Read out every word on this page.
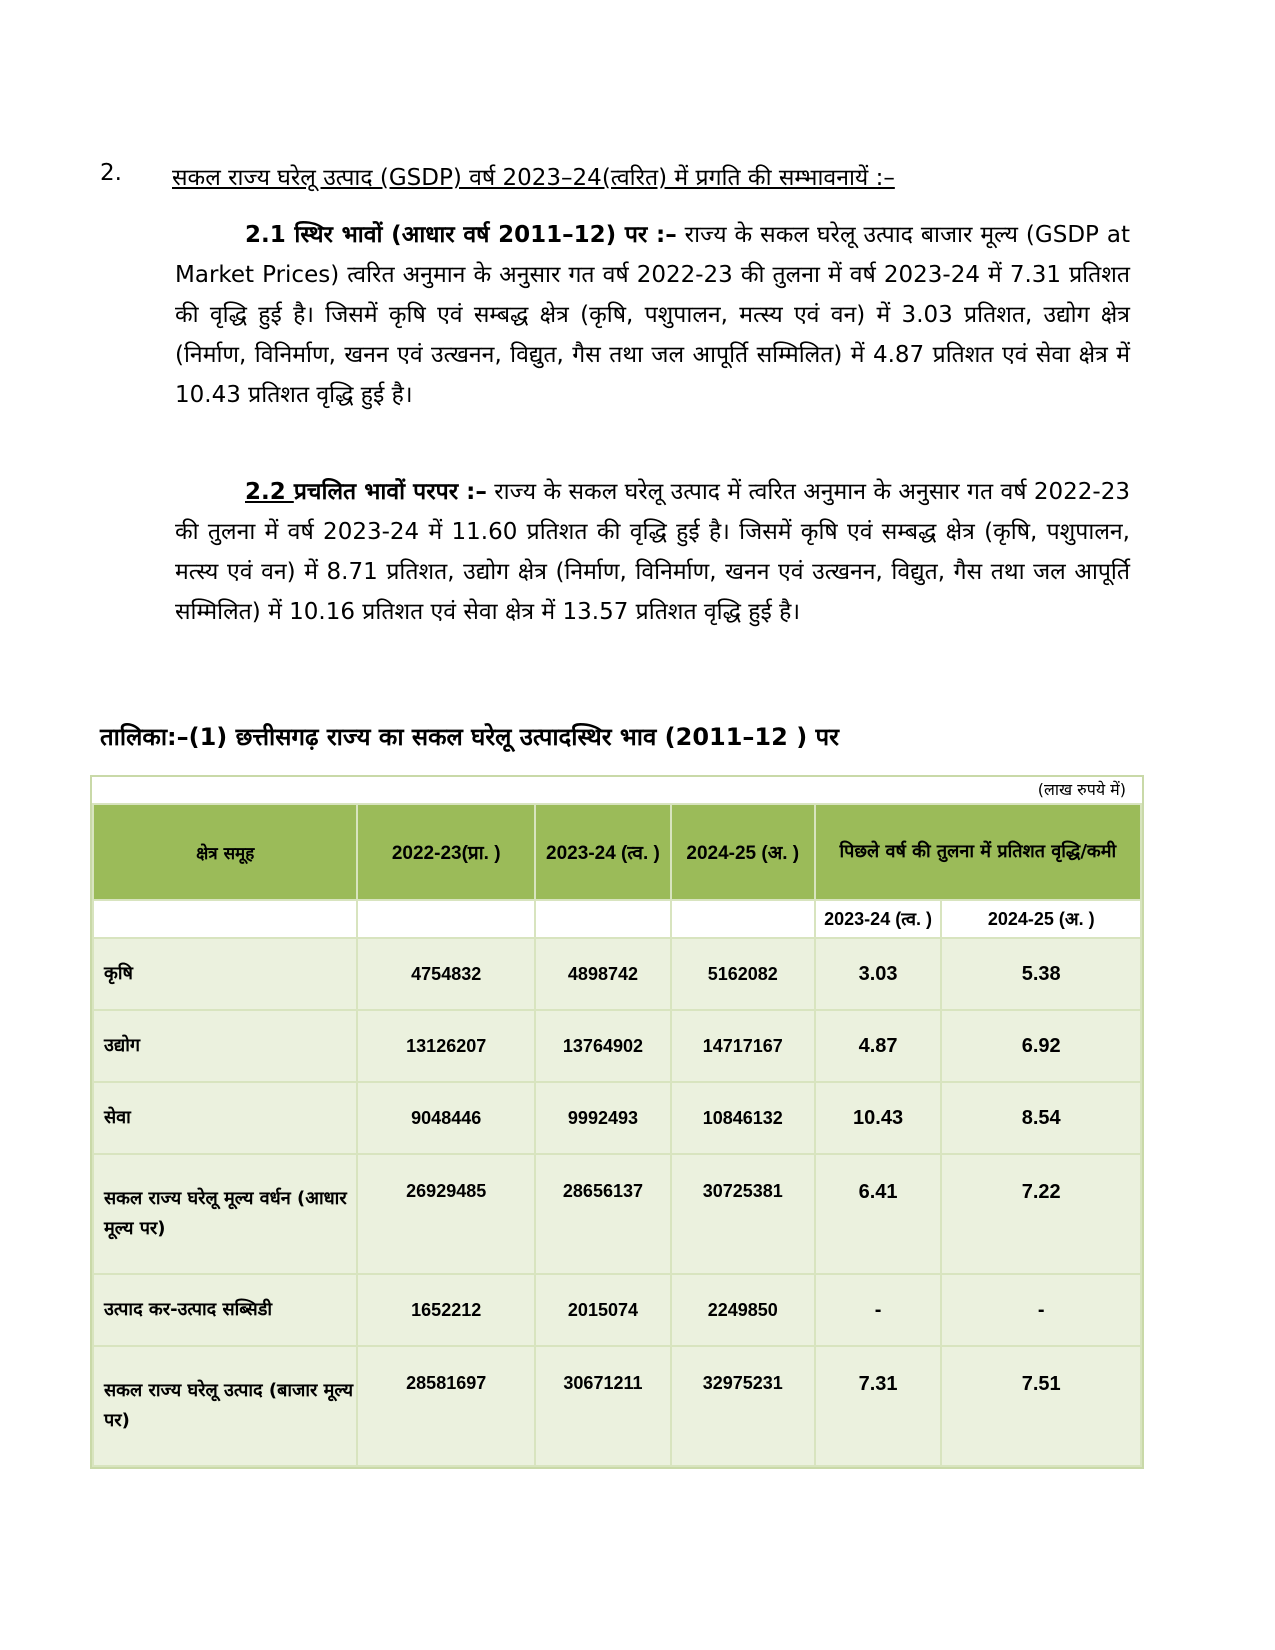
2. सकल राज्य घरेलू उत्पाद (GSDP) वर्ष 2023–24(त्वरित) में प्रगति की सम्भावनायें :–
2.1 स्थिर भावों (आधार वर्ष 2011–12) पर :– राज्य के सकल घरेलू उत्पाद बाजार मूल्य (GSDP at Market Prices) त्वरित अनुमान के अनुसार गत वर्ष 2022-23 की तुलना में वर्ष 2023-24 में 7.31 प्रतिशत की वृद्धि हुई है। जिसमें कृषि एवं सम्बद्ध क्षेत्र (कृषि, पशुपालन, मत्स्य एवं वन) में 3.03 प्रतिशत, उद्योग क्षेत्र (निर्माण, विनिर्माण, खनन एवं उत्खनन, विद्युत, गैस तथा जल आपूर्ति सम्मिलित) में 4.87 प्रतिशत एवं सेवा क्षेत्र में 10.43 प्रतिशत वृद्धि हुई है।
2.2 प्रचलित भावों परपर :– राज्य के सकल घरेलू उत्पाद में त्वरित अनुमान के अनुसार गत वर्ष 2022-23 की तुलना में वर्ष 2023-24 में 11.60 प्रतिशत की वृद्धि हुई है। जिसमें कृषि एवं सम्बद्ध क्षेत्र (कृषि, पशुपालन, मत्स्य एवं वन) में 8.71 प्रतिशत, उद्योग क्षेत्र (निर्माण, विनिर्माण, खनन एवं उत्खनन, विद्युत, गैस तथा जल आपूर्ति सम्मिलित) में 10.16 प्रतिशत एवं सेवा क्षेत्र में 13.57 प्रतिशत वृद्धि हुई है।
तालिका:–(1) छत्तीसगढ़ राज्य का सकल घरेलू उत्पादस्थिर भाव (2011–12 ) पर
(लाख रुपये में)
क्षेत्र समूह	2022-23(प्रा. )	2023-24 (त्व. )	2024-25 (अ. )	पिछले वर्ष की तुलना में प्रतिशत वृद्धि/कमी	
				2023-24 (त्व. )	2024-25 (अ. )
कृषि	4754832	4898742	5162082	3.03	5.38
उद्योग	13126207	13764902	14717167	4.87	6.92
सेवा	9048446	9992493	10846132	10.43	8.54
सकल राज्य घरेलू मूल्य वर्धन (आधार मूल्य पर)	26929485	28656137	30725381	6.41	7.22
उत्पाद कर-उत्पाद सब्सिडी	1652212	2015074	2249850	-	-
सकल राज्य घरेलू उत्पाद (बाजार मूल्य पर)	28581697	30671211	32975231	7.31	7.51
